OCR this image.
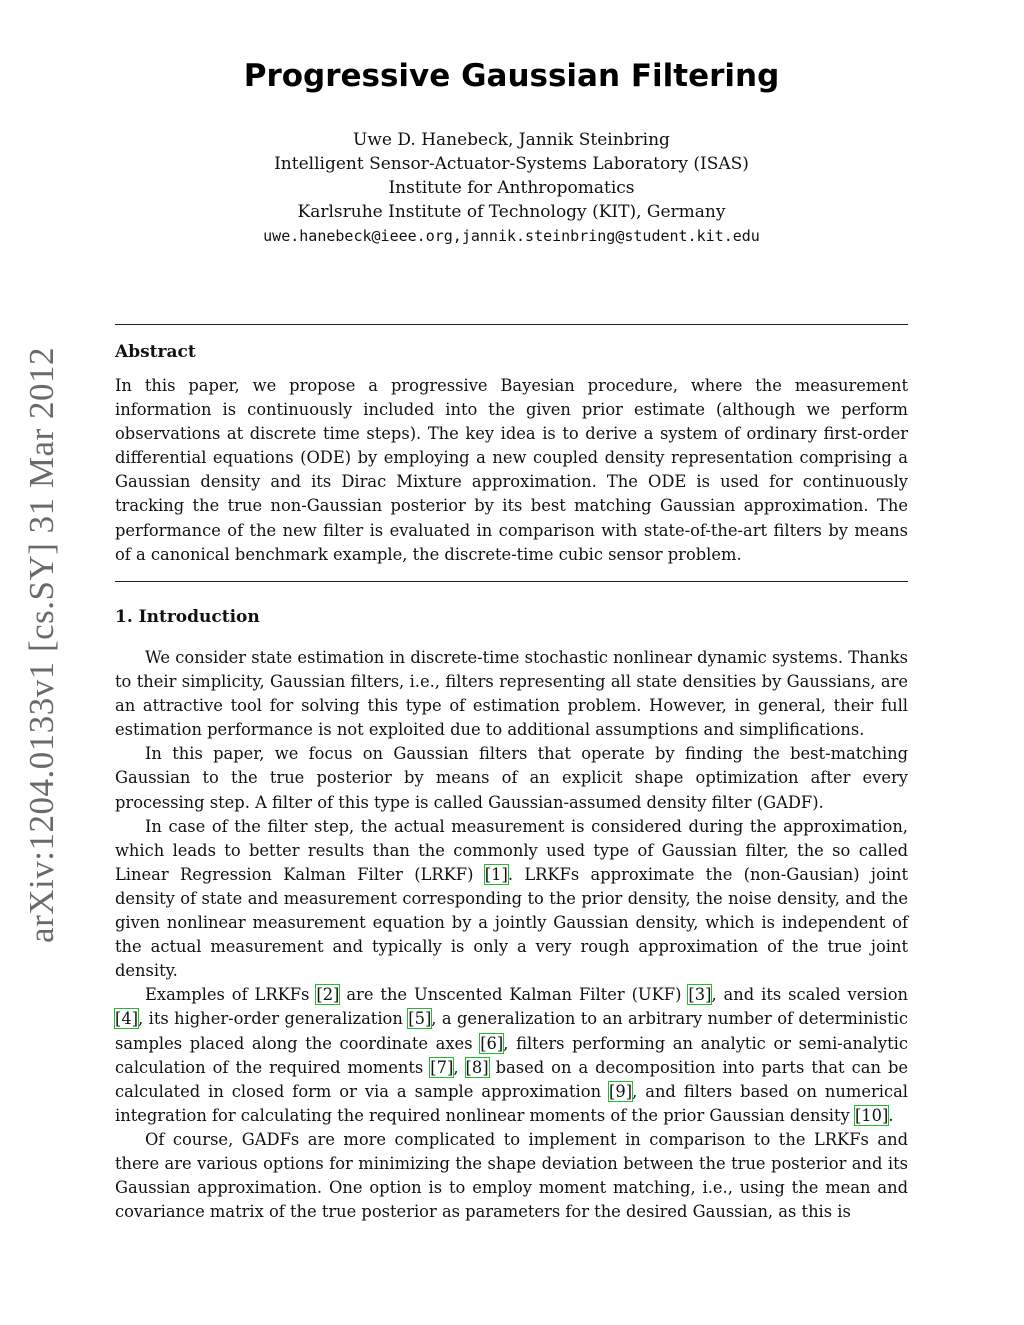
arXiv:1204.0133v1 [cs.SY] 31 Mar 2012
Progressive Gaussian Filtering
Uwe D. Hanebeck, Jannik Steinbring
Intelligent Sensor-Actuator-Systems Laboratory (ISAS)
Institute for Anthropomatics
Karlsruhe Institute of Technology (KIT), Germany
uwe.hanebeck@ieee.org,jannik.steinbring@student.kit.edu
Abstract
In this paper, we propose a progressive Bayesian procedure, where the measurement information is continuously included into the given prior estimate (although we perform observations at discrete time steps). The key idea is to derive a system of ordinary first-order differential equations (ODE) by employing a new coupled density representation comprising a Gaussian density and its Dirac Mixture approximation. The ODE is used for continuously tracking the true non-Gaussian posterior by its best matching Gaussian approximation. The performance of the new filter is evaluated in comparison with state-of-the-art filters by means of a canonical benchmark example, the discrete-time cubic sensor problem.
1. Introduction

We consider state estimation in discrete-time stochastic nonlinear dynamic systems. Thanks to their simplicity, Gaussian filters, i.e., filters representing all state densities by Gaussians, are an attractive tool for solving this type of estimation problem. However, in general, their full estimation performance is not exploited due to additional assumptions and simplifications.

In this paper, we focus on Gaussian filters that operate by finding the best-matching Gaussian to the true posterior by means of an explicit shape optimization after every processing step. A filter of this type is called Gaussian-assumed density filter (GADF).

In case of the filter step, the actual measurement is considered during the approximation, which leads to better results than the commonly used type of Gaussian filter, the so called Linear Regression Kalman Filter (LRKF) [1]. LRKFs approximate the (non-Gausian) joint density of state and measurement corresponding to the prior density, the noise density, and the given nonlinear measurement equation by a jointly Gaussian density, which is independent of the actual measurement and typically is only a very rough approximation of the true joint density.

Examples of LRKFs [2] are the Unscented Kalman Filter (UKF) [3], and its scaled version [4], its higher-order generalization [5], a generalization to an arbitrary number of deterministic samples placed along the coordinate axes [6], filters performing an analytic or semi-analytic calculation of the required moments [7], [8] based on a decomposition into parts that can be calculated in closed form or via a sample approximation [9], and filters based on numerical integration for calculating the required nonlinear moments of the prior Gaussian density [10].

Of course, GADFs are more complicated to implement in comparison to the LRKFs and there are various options for minimizing the shape deviation between the true posterior and its Gaussian approximation. One option is to employ moment matching, i.e., using the mean and covariance matrix of the true posterior as parameters for the desired Gaussian, as this is
